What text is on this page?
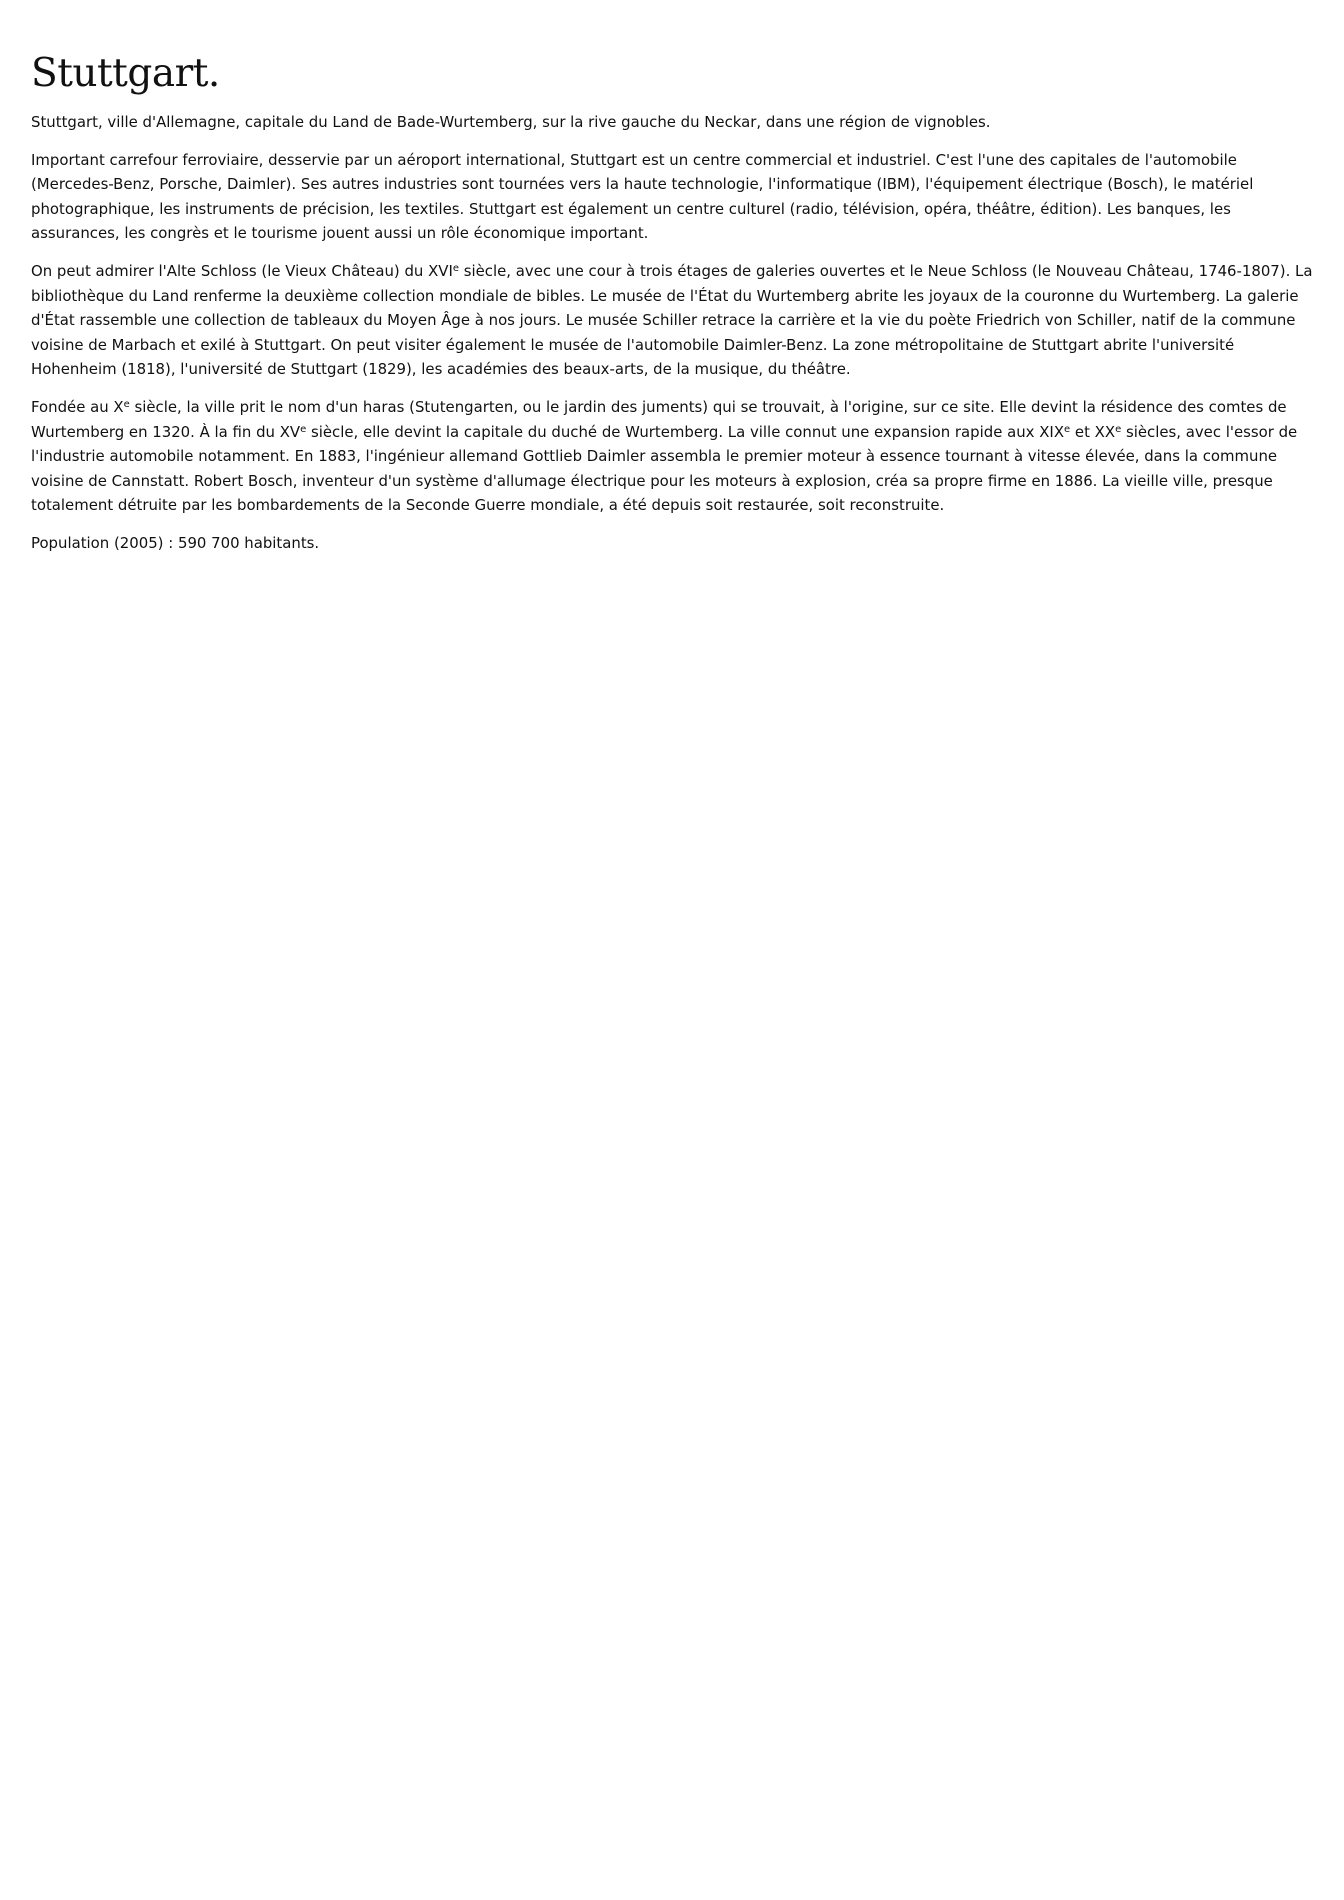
Stuttgart.

Stuttgart, ville d'Allemagne, capitale du Land de Bade-Wurtemberg, sur la rive gauche du Neckar, dans une région de vignobles.

Important carrefour ferroviaire, desservie par un aéroport international, Stuttgart est un centre commercial et industriel. C'est l'une des capitales de l'automobile (Mercedes-Benz, Porsche, Daimler). Ses autres industries sont tournées vers la haute technologie, l'informatique (IBM), l'équipement électrique (Bosch), le matériel photographique, les instruments de précision, les textiles. Stuttgart est également un centre culturel (radio, télévision, opéra, théâtre, édition). Les banques, les assurances, les congrès et le tourisme jouent aussi un rôle économique important.

On peut admirer l'Alte Schloss (le Vieux Château) du XVIe siècle, avec une cour à trois étages de galeries ouvertes et le Neue Schloss (le Nouveau Château, 1746-1807). La bibliothèque du Land renferme la deuxième collection mondiale de bibles. Le musée de l'État du Wurtemberg abrite les joyaux de la couronne du Wurtemberg. La galerie d'État rassemble une collection de tableaux du Moyen Âge à nos jours. Le musée Schiller retrace la carrière et la vie du poète Friedrich von Schiller, natif de la commune voisine de Marbach et exilé à Stuttgart. On peut visiter également le musée de l'automobile Daimler-Benz. La zone métropolitaine de Stuttgart abrite l'université Hohenheim (1818), l'université de Stuttgart (1829), les académies des beaux-arts, de la musique, du théâtre.

Fondée au Xe siècle, la ville prit le nom d'un haras (Stutengarten, ou le jardin des juments) qui se trouvait, à l'origine, sur ce site. Elle devint la résidence des comtes de Wurtemberg en 1320. À la fin du XVe siècle, elle devint la capitale du duché de Wurtemberg. La ville connut une expansion rapide aux XIXe et XXe siècles, avec l'essor de l'industrie automobile notamment. En 1883, l'ingénieur allemand Gottlieb Daimler assembla le premier moteur à essence tournant à vitesse élevée, dans la commune voisine de Cannstatt. Robert Bosch, inventeur d'un système d'allumage électrique pour les moteurs à explosion, créa sa propre firme en 1886. La vieille ville, presque totalement détruite par les bombardements de la Seconde Guerre mondiale, a été depuis soit restaurée, soit reconstruite.

Population (2005) : 590 700 habitants.
